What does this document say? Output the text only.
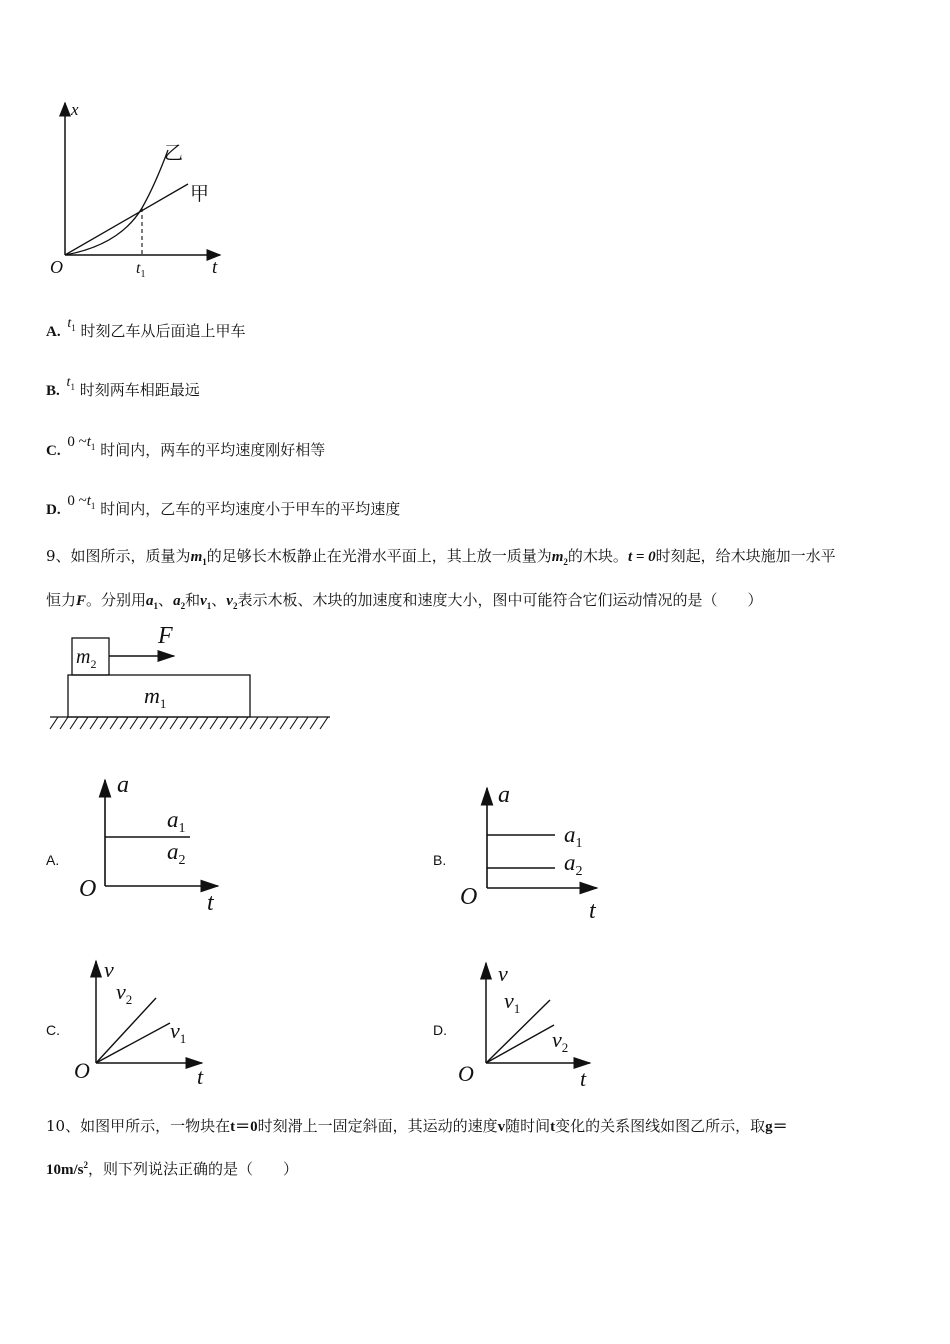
x
t
O	$t_1$
乙
甲
A. $t_1$ 时刻乙车从后面追上甲车
B. $t_1$ 时刻两车相距最远
C. 0 $\sim t_1$ 时间内，两车的平均速度刚好相等
D. 0 $\sim t_1$ 时间内，乙车的平均速度小于甲车的平均速度
9、如图所示，质量为$m_1$的足够长木板静止在光滑水平面上，其上放一质量为$m_2$的木块。t = 0时刻起，给木块施加一水平
恒力F。分别用$a_1$、$a_2$和$v_1$、$v_2$表示木板、木块的加速度和速度大小，图中可能符合它们运动情况的是（　　）
$m_2$
$m_1$
F
A.
a
t
O
$a_1$
$a_2$	B.
a
t
O
$a_1$
$a_2$
C.
v
t
O
$v_2$
$v_1$
D.
v
t
O
$v_1$
$v_2$
10、如图甲所示，一物块在t＝0时刻滑上一固定斜面，其运动的速度v随时间t变化的关系图线如图乙所示，取g＝
$10m/s^2$，则下列说法正确的是（　　）
